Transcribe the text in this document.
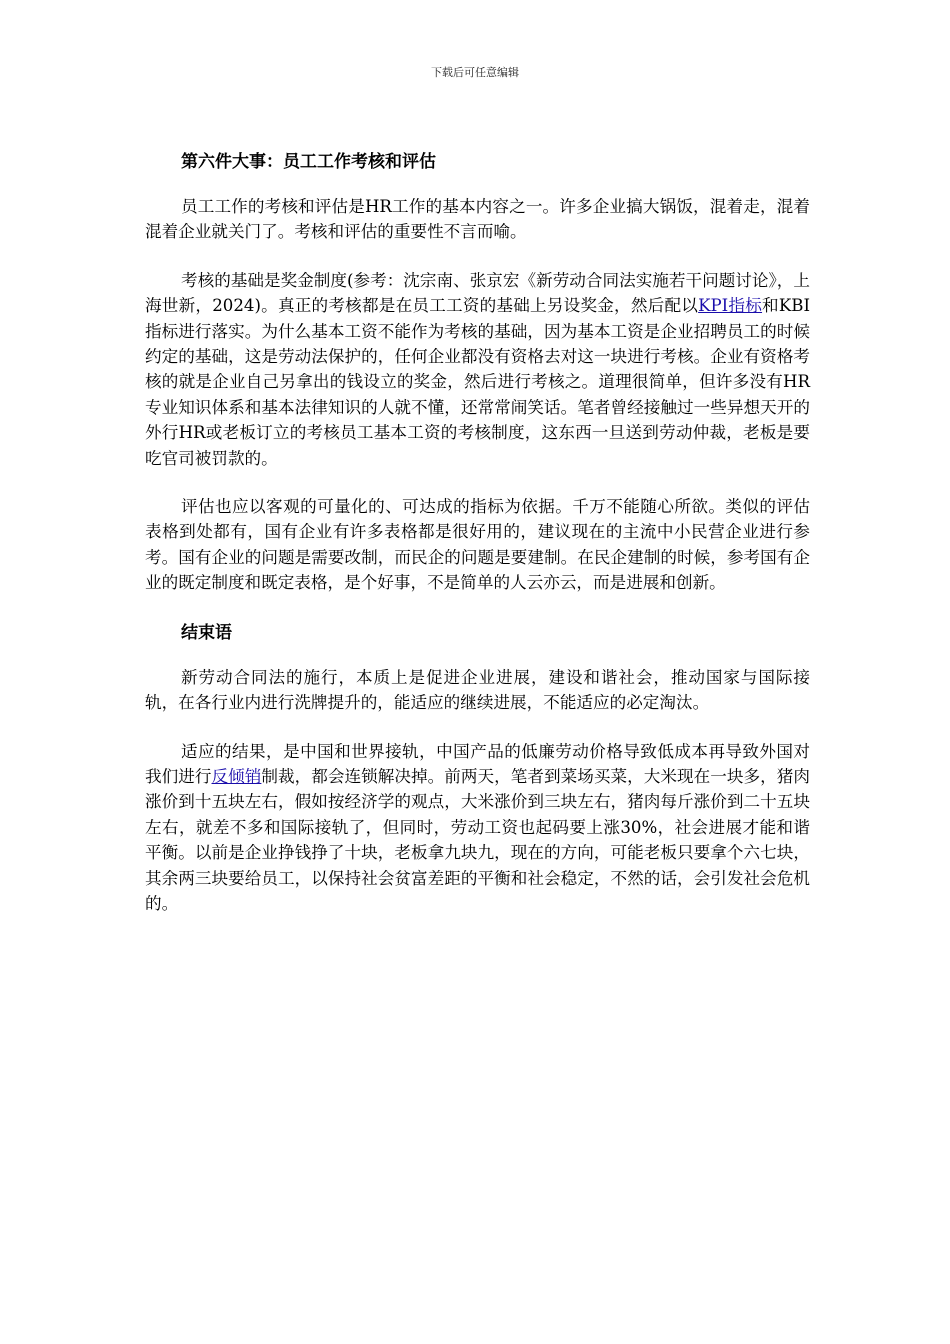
下载后可任意编辑
第六件大事：员工工作考核和评估

员工工作的考核和评估是HR工作的基本内容之一。许多企业搞大锅饭，混着走，混着混着企业就关门了。考核和评估的重要性不言而喻。

考核的基础是奖金制度(参考：沈宗南、张京宏《新劳动合同法实施若干问题讨论》，上海世新，2024)。真正的考核都是在员工工资的基础上另设奖金，然后配以KPI指标和KBI指标进行落实。为什么基本工资不能作为考核的基础，因为基本工资是企业招聘员工的时候约定的基础，这是劳动法保护的，任何企业都没有资格去对这一块进行考核。企业有资格考核的就是企业自己另拿出的钱设立的奖金，然后进行考核之。道理很简单，但许多没有HR专业知识体系和基本法律知识的人就不懂，还常常闹笑话。笔者曾经接触过一些异想天开的外行HR或老板订立的考核员工基本工资的考核制度，这东西一旦送到劳动仲裁，老板是要吃官司被罚款的。

评估也应以客观的可量化的、可达成的指标为依据。千万不能随心所欲。类似的评估表格到处都有，国有企业有许多表格都是很好用的，建议现在的主流中小民营企业进行参考。国有企业的问题是需要改制，而民企的问题是要建制。在民企建制的时候，参考国有企业的既定制度和既定表格，是个好事，不是简单的人云亦云，而是进展和创新。

结束语

新劳动合同法的施行，本质上是促进企业进展，建设和谐社会，推动国家与国际接轨，在各行业内进行洗牌提升的，能适应的继续进展，不能适应的必定淘汰。

适应的结果，是中国和世界接轨，中国产品的低廉劳动价格导致低成本再导致外国对我们进行反倾销制裁，都会连锁解决掉。前两天，笔者到菜场买菜，大米现在一块多，猪肉涨价到十五块左右，假如按经济学的观点，大米涨价到三块左右，猪肉每斤涨价到二十五块左右，就差不多和国际接轨了，但同时，劳动工资也起码要上涨30%，社会进展才能和谐平衡。以前是企业挣钱挣了十块，老板拿九块九，现在的方向，可能老板只要拿个六七块，其余两三块要给员工，以保持社会贫富差距的平衡和社会稳定，不然的话，会引发社会危机的。
